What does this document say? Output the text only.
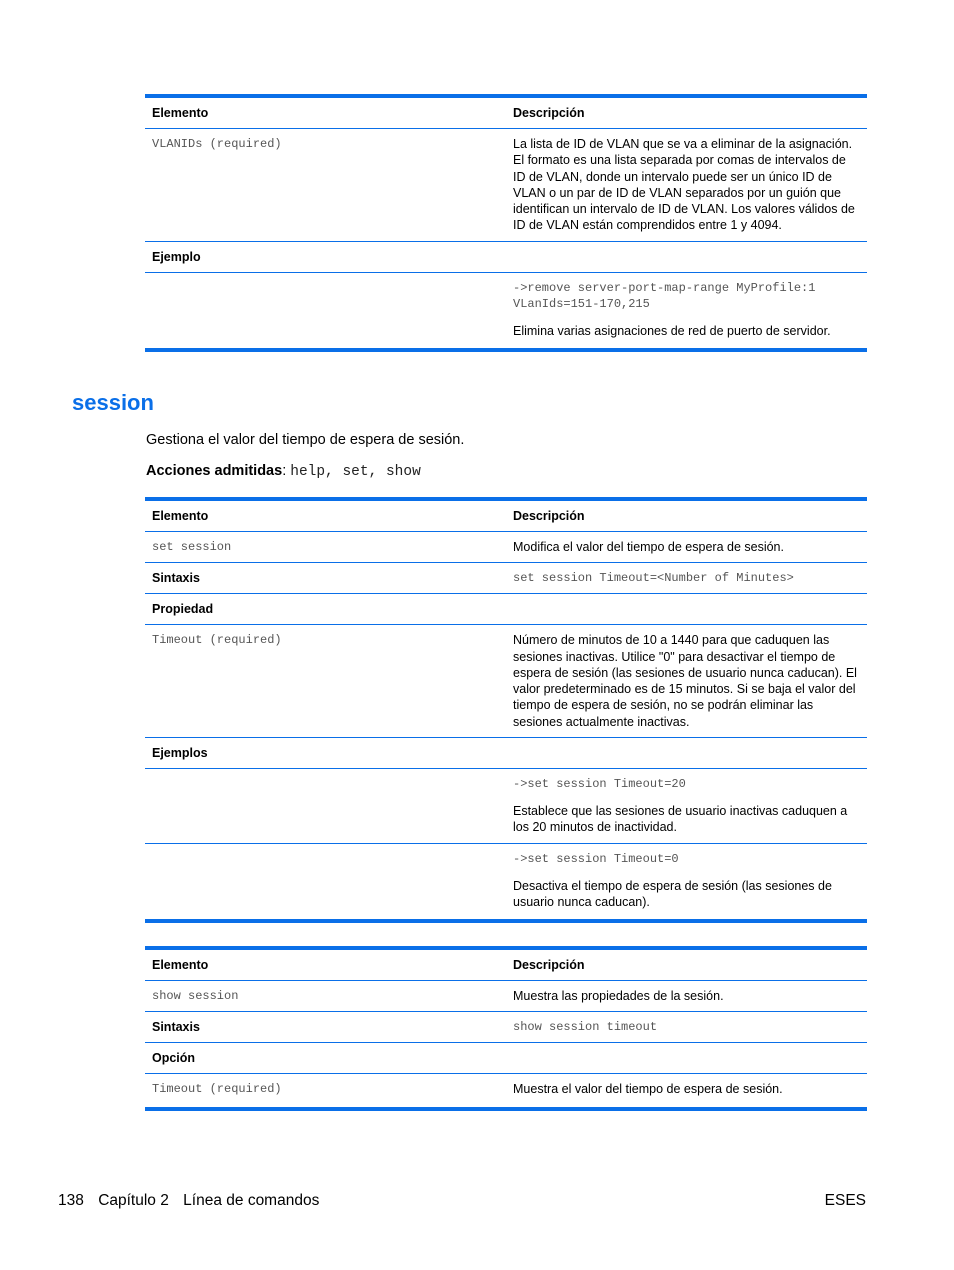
Elemento	Descripción
VLANIDs (required)	La lista de ID de VLAN que se va a eliminar de la asignación. El formato es una lista separada por comas de intervalos de ID de VLAN, donde un intervalo puede ser un único ID de VLAN o un par de ID de VLAN separados por un guión que identifican un intervalo de ID de VLAN. Los valores válidos de ID de VLAN están comprendidos entre 1 y 4094.
Ejemplo
->remove server-port-map-range MyProfile:1
VLanIds=151-170,215
Elimina varias asignaciones de red de puerto de servidor.
session
Gestiona el valor del tiempo de espera de sesión.
Acciones admitidas: help, set, show
Elemento	Descripción
set session	Modifica el valor del tiempo de espera de sesión.
Sintaxis	set session Timeout=<Number of Minutes>
Propiedad
Timeout (required)	Número de minutos de 10 a 1440 para que caduquen las sesiones inactivas. Utilice "0" para desactivar el tiempo de espera de sesión (las sesiones de usuario nunca caducan). El valor predeterminado es de 15 minutos. Si se baja el valor del tiempo de espera de sesión, no se podrán eliminar las sesiones actualmente inactivas.
Ejemplos
->set session Timeout=20
Establece que las sesiones de usuario inactivas caduquen a los 20 minutos de inactividad.
->set session Timeout=0
Desactiva el tiempo de espera de sesión (las sesiones de usuario nunca caducan).
Elemento	Descripción
show session	Muestra las propiedades de la sesión.
Sintaxis	show session timeout
Opción
Timeout (required)	Muestra el valor del tiempo de espera de sesión.
138 Capítulo 2 Línea de comandos	ESES
